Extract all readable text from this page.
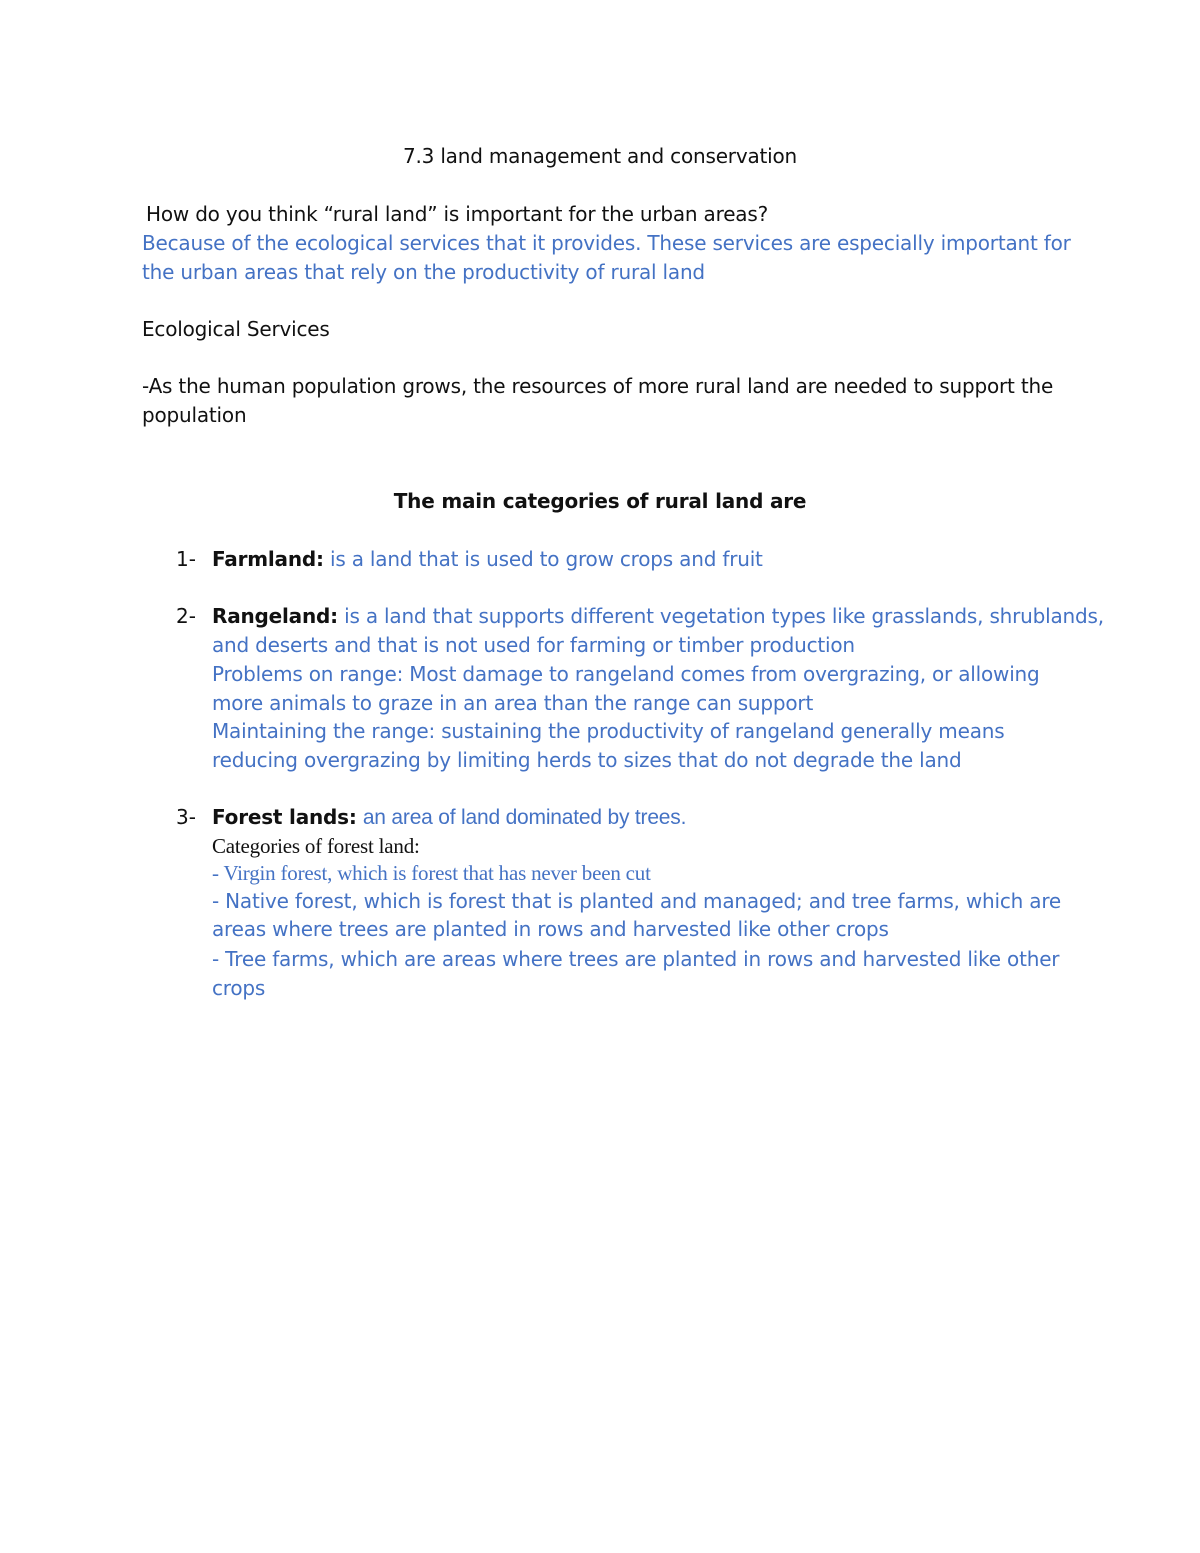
7.3 land management and conservation
How do you think “rural land” is important for the urban areas?
Because of the ecological services that it provides. These services are especially important for
the urban areas that rely on the productivity of rural land
Ecological Services
-As the human population grows, the resources of more rural land are needed to support the
population
The main categories of rural land are
1- Farmland: is a land that is used to grow crops and fruit
2- Rangeland: is a land that supports different vegetation types like grasslands, shrublands,
and deserts and that is not used for farming or timber production
Problems on range: Most damage to rangeland comes from overgrazing, or allowing
more animals to graze in an area than the range can support
Maintaining the range: sustaining the productivity of rangeland generally means
reducing overgrazing by limiting herds to sizes that do not degrade the land
3- Forest lands: an area of land dominated by trees.
Categories of forest land:
- Virgin forest, which is forest that has never been cut
- Native forest, which is forest that is planted and managed; and tree farms, which are
areas where trees are planted in rows and harvested like other crops
- Tree farms, which are areas where trees are planted in rows and harvested like other
crops
